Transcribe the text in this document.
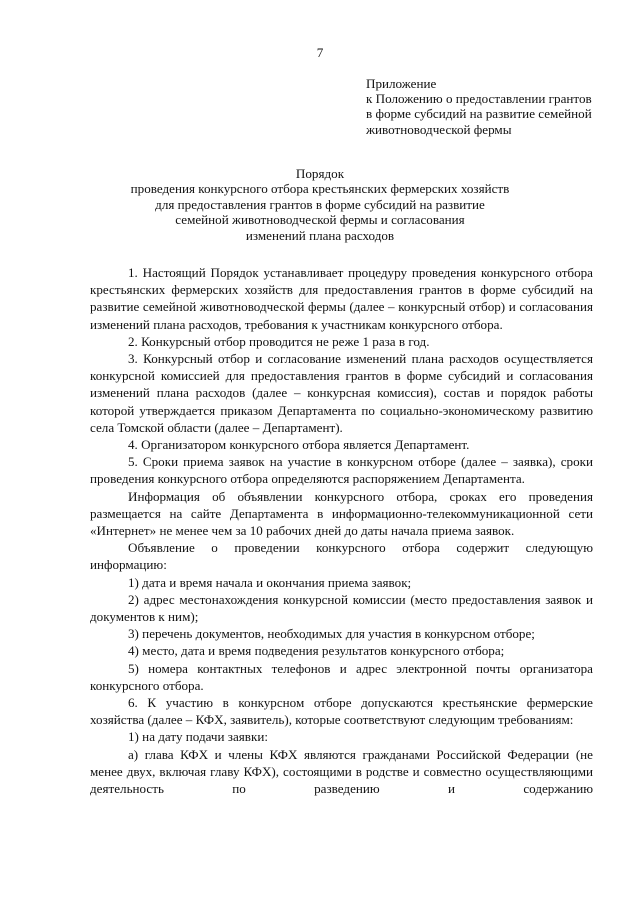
7
Приложение
к Положению о предоставлении грантов
в форме субсидий на развитие семейной
животноводческой фермы
Порядок
проведения конкурсного отбора крестьянских фермерских хозяйств
для предоставления грантов в форме субсидий на развитие
семейной животноводческой фермы и согласования
изменений плана расходов

1. Настоящий Порядок устанавливает процедуру проведения конкурсного отбора крестьянских фермерских хозяйств для предоставления грантов в форме субсидий на развитие семейной животноводческой фермы (далее – конкурсный отбор) и согласования изменений плана расходов, требования к участникам конкурсного отбора.

2. Конкурсный отбор проводится не реже 1 раза в год.

3. Конкурсный отбор и согласование изменений плана расходов осуществляется конкурсной комиссией для предоставления грантов в форме субсидий и согласования изменений плана расходов (далее – конкурсная комиссия), состав и порядок работы которой утверждается приказом Департамента по социально-экономическому развитию села Томской области (далее – Департамент).

4. Организатором конкурсного отбора является Департамент.

5. Сроки приема заявок на участие в конкурсном отборе (далее – заявка), сроки проведения конкурсного отбора определяются распоряжением Департамента.

Информация об объявлении конкурсного отбора, сроках его проведения размещается на сайте Департамента в информационно-телекоммуникационной сети «Интернет» не менее чем за 10 рабочих дней до даты начала приема заявок.

Объявление о проведении конкурсного отбора содержит следующую информацию:

1) дата и время начала и окончания приема заявок;

2) адрес местонахождения конкурсной комиссии (место предоставления заявок и документов к ним);

3) перечень документов, необходимых для участия в конкурсном отборе;

4) место, дата и время подведения результатов конкурсного отбора;

5) номера контактных телефонов и адрес электронной почты организатора конкурсного отбора.

6. К участию в конкурсном отборе допускаются крестьянские фермерские хозяйства (далее – КФХ, заявитель), которые соответствуют следующим требованиям:

1) на дату подачи заявки:

а) глава КФХ и члены КФХ являются гражданами Российской Федерации (не менее двух, включая главу КФХ), состоящими в родстве и совместно осуществляющими деятельность по разведению и содержанию
